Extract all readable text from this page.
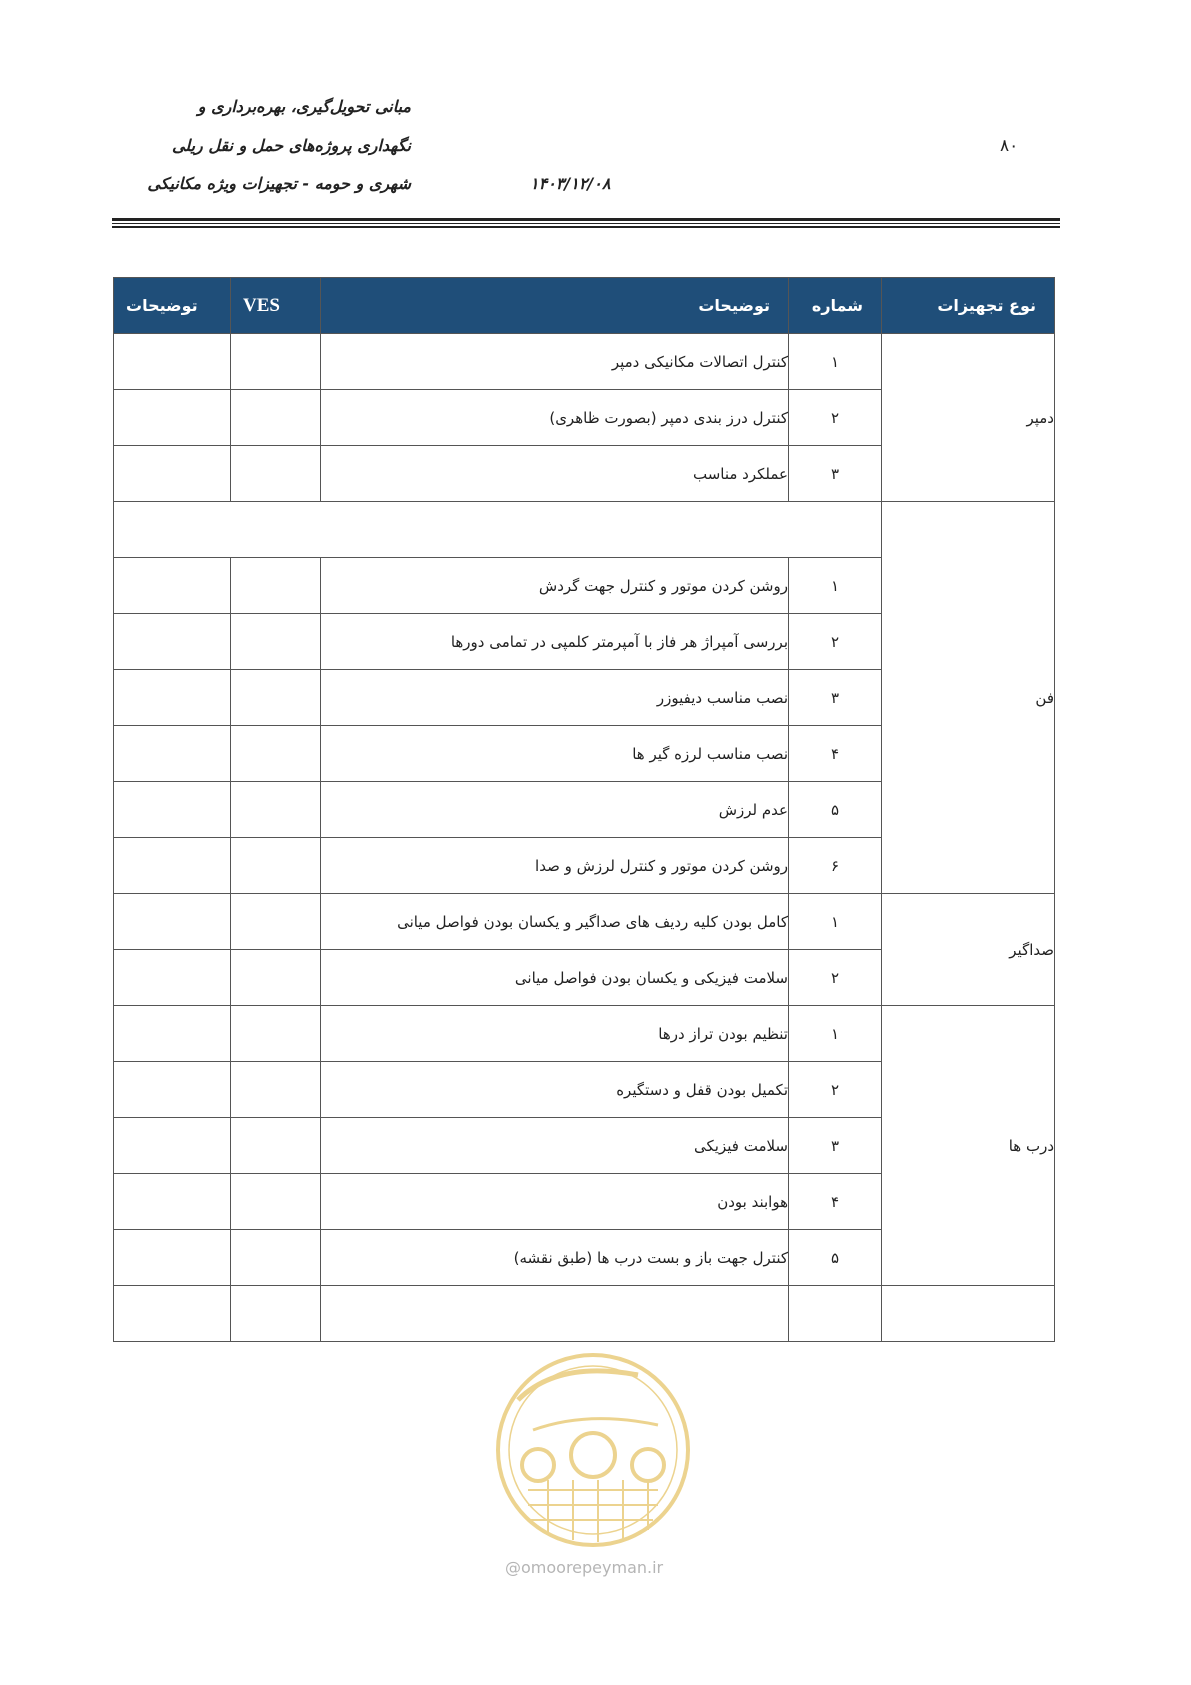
مبانی تحویل‌گیری، بهره‌برداری و
نگهداری پروژه‌های حمل و نقل ریلی
شهری و حومه - تجهیزات ویژه مکانیکی	۱۴۰۳/۱۲/۰۸
۸۰
نوع تجهیزات	شماره	توضیحات	VES	توضیحات
دمپر	۱	کنترل اتصالات مکانیکی دمپر		
	۲	کنترل درز بندی دمپر (بصورت ظاهری)		
	۳	عملکرد مناسب		
فن				
	۱	روشن کردن موتور و کنترل جهت گردش		
	۲	بررسی آمپراژ هر فاز با آمپرمتر کلمپی در تمامی دورها		
	۳	نصب مناسب دیفیوزر		
	۴	نصب مناسب لرزه گیر ها		
	۵	عدم لرزش		
	۶	روشن کردن موتور و کنترل لرزش و صدا		
صداگیر	۱	کامل بودن کلیه ردیف های صداگیر و یکسان بودن فواصل میانی		
	۲	سلامت فیزیکی و یکسان بودن فواصل میانی		
درب ها	۱	تنظیم بودن تراز درها		
	۲	تکمیل بودن قفل و دستگیره		
	۳	سلامت فیزیکی		
	۴	هوابند بودن		
	۵	کنترل جهت باز و بست درب ها (طبق نقشه)		

@omoorepeyman.ir
